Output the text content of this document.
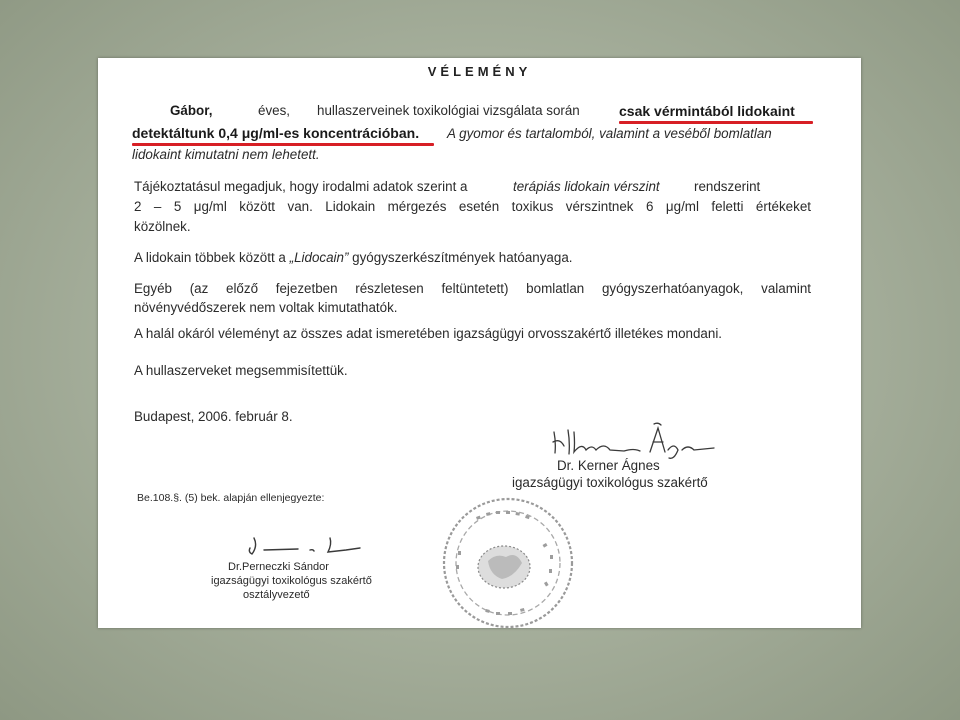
VÉLEMÉNY
Gábor,	éves, hullaszerveinek toxikológiai vizsgálata során	csak vérmintából lidokaint
detektáltunk 0,4 μg/ml-es koncentrációban. A gyomor és tartalomból, valamint a veséből bomlatlan
lidokaint kimutatni nem lehetett.
Tájékoztatásul megadjuk, hogy irodalmi adatok szerint a	terápiás lidokain vérszint	rendszerint
2 – 5 μg/ml között van. Lidokain mérgezés esetén toxikus vérszintnek 6 μg/ml feletti értékeket
közölnek.
A lidokain többek között a „Lidocain” gyógyszerkészítmények hatóanyaga.
Egyéb (az előző fejezetben részletesen feltüntetett) bomlatlan gyógyszerhatóanyagok, valamint
növényvédőszerek nem voltak kimutathatók.
A halál okáról véleményt az összes adat ismeretében igazságügyi orvosszakértő illetékes mondani.
A hullaszerveket megsemmisítettük.
Budapest, 2006. február 8.
Dr. Kerner Ágnes
igazságügyi toxikológus szakértő
Be.108.§. (5) bek. alapján ellenjegyezte:
Dr.Perneczki Sándor
igazságügyi toxikológus szakértő
osztályvezető
